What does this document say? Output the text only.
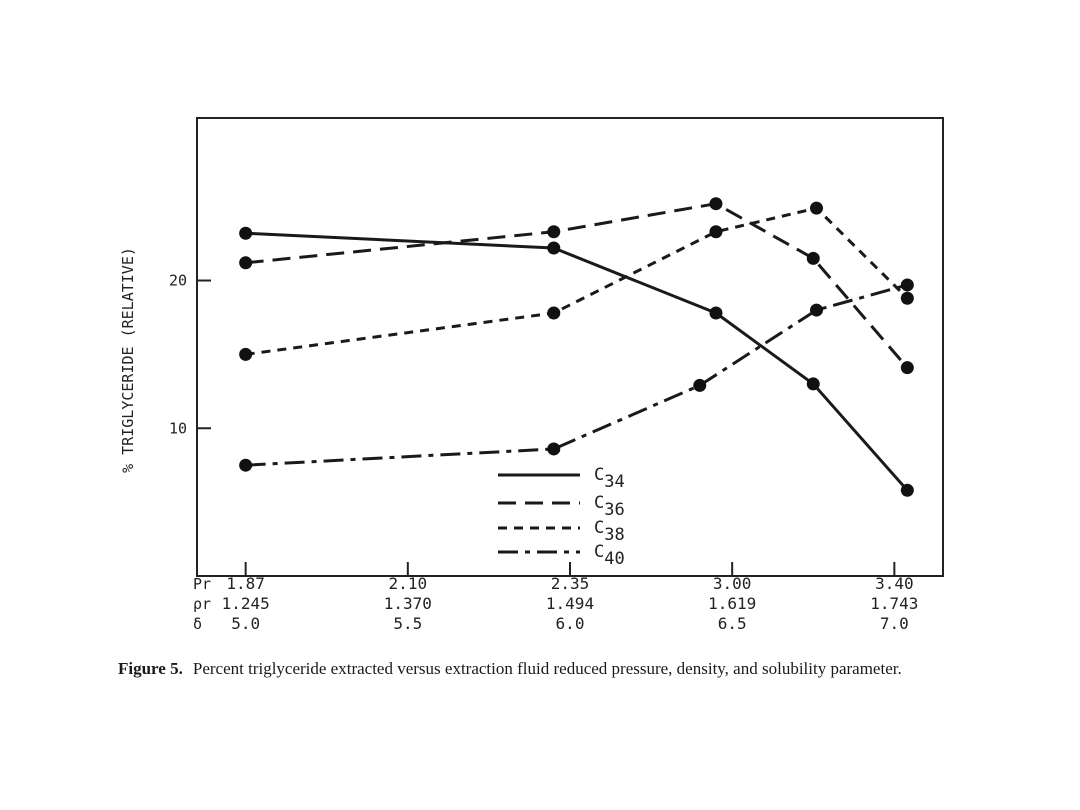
% TRIGLYCERIDE (RELATIVE) 10
20
Pr 1.87	2.10	2.35	3.00	3.40
ρr 1.245	1.370	1.494	1.619	1.743
δ 5.0	5.5	6.0	6.5	7.0
C34
C36
C38
C40
Figure 5. Percent triglyceride extracted versus extraction fluid reduced pressure, density, and solubility parameter.
